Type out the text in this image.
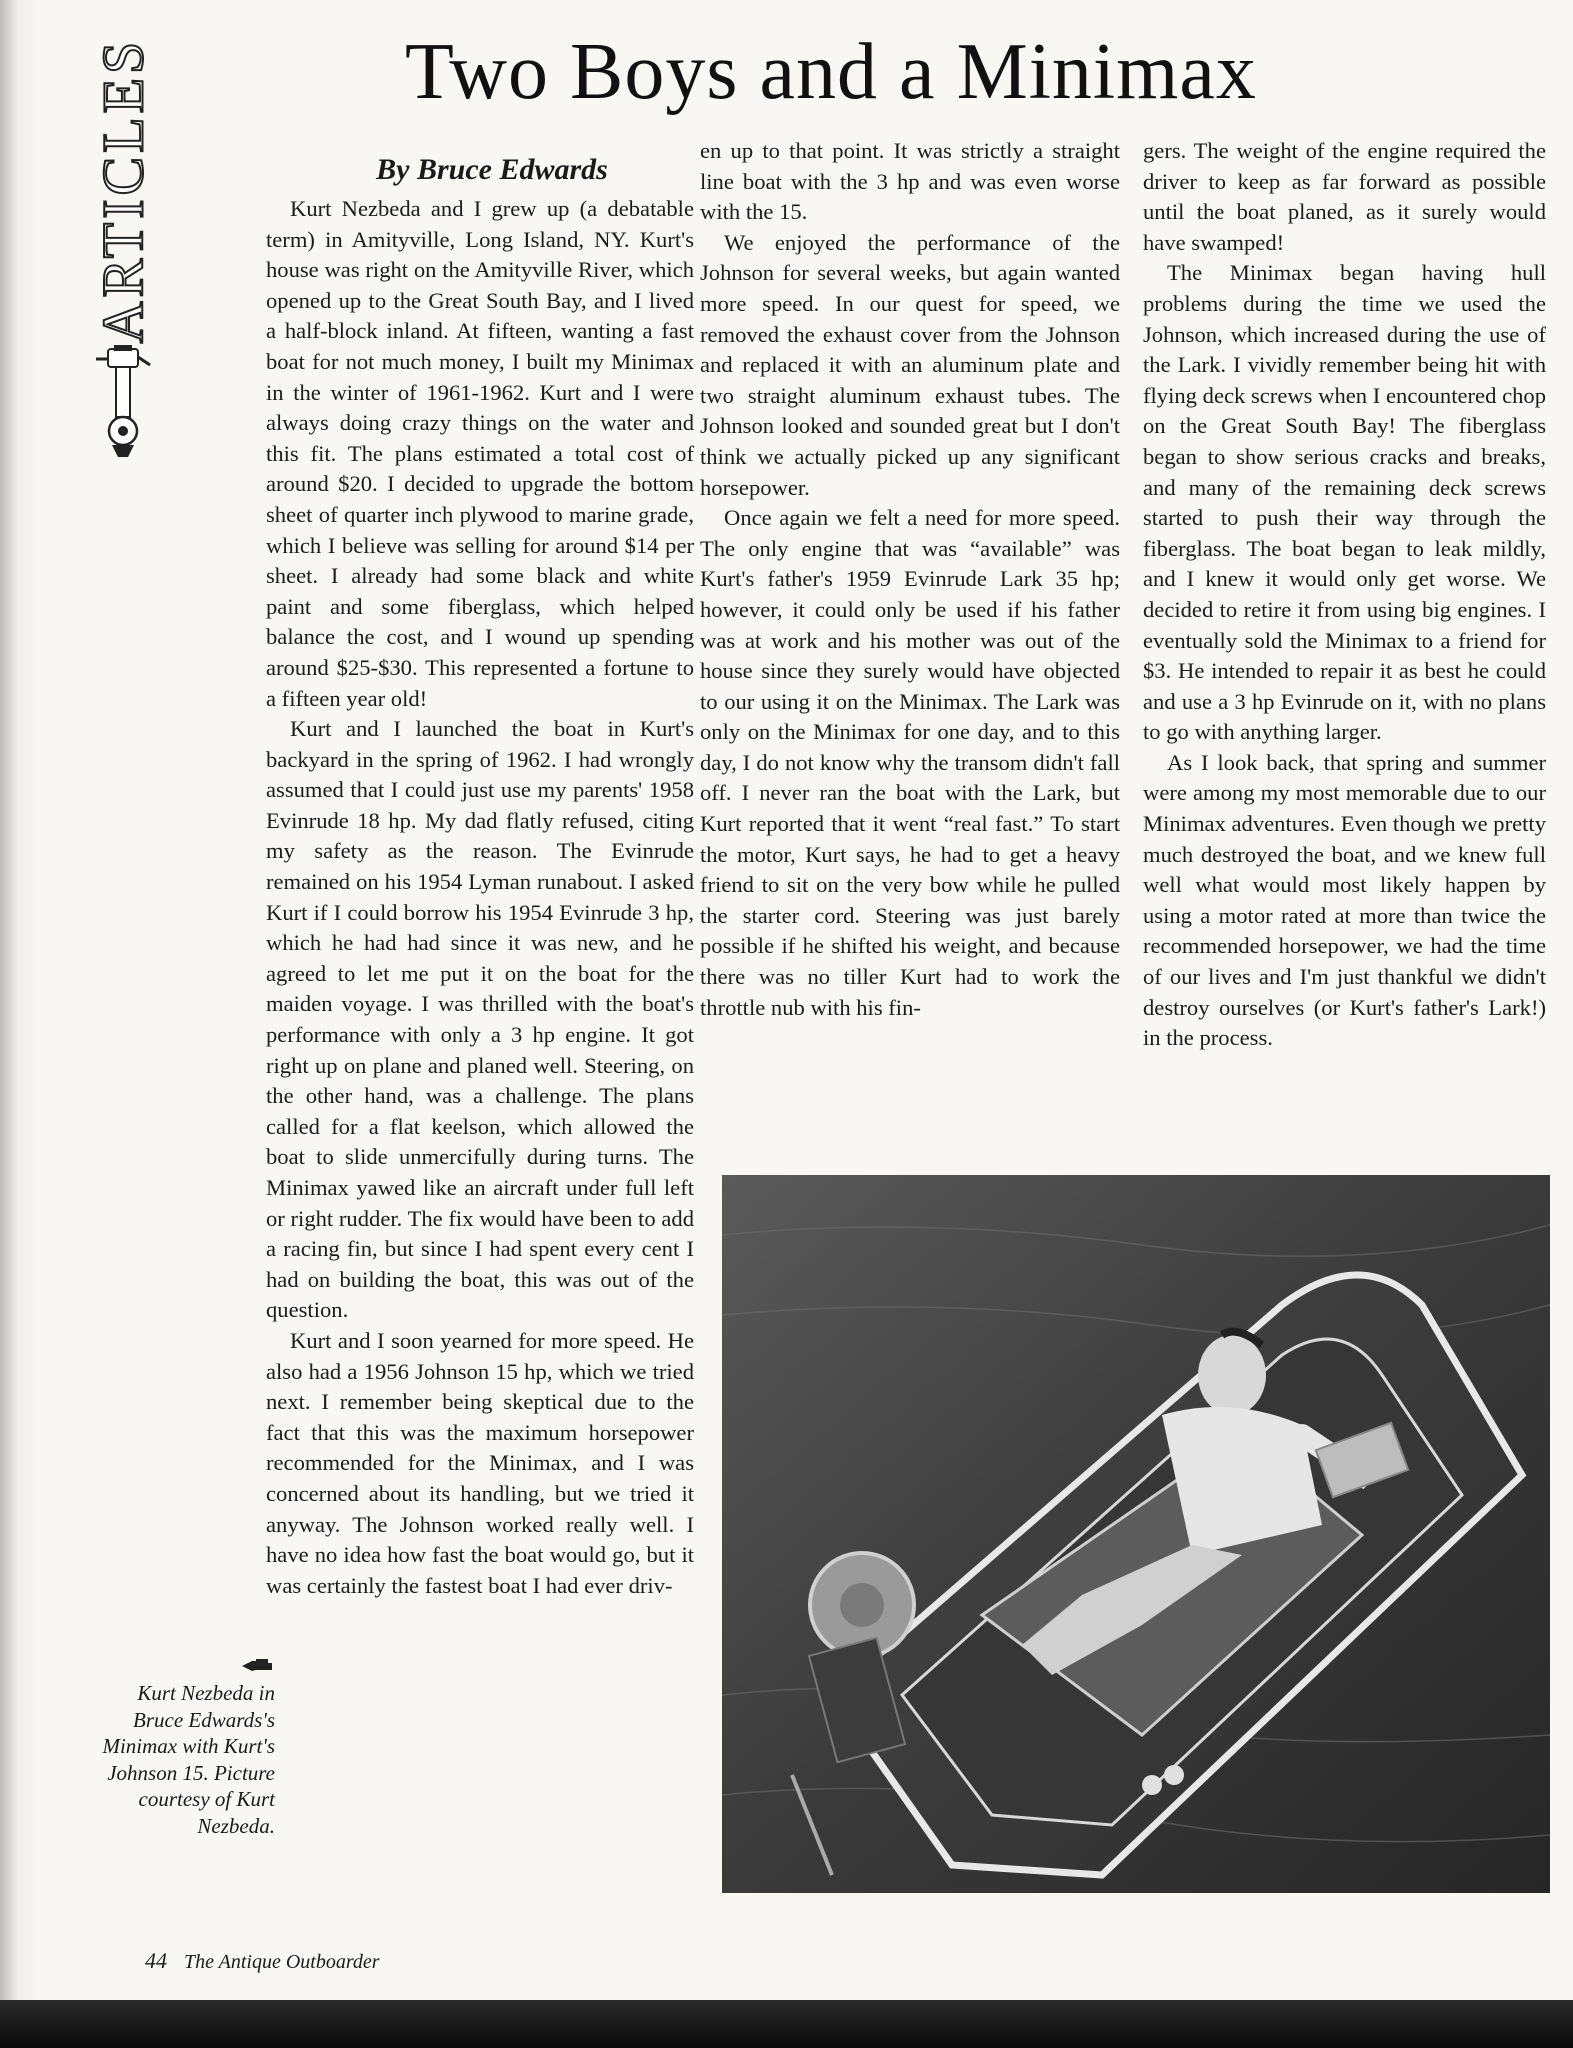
ARTICLES	Two Boys and a Minimax
By Bruce Edwards

Kurt Nezbeda and I grew up (a debatable term) in Amityville, Long Island, NY. Kurt's house was right on the Amityville River, which opened up to the Great South Bay, and I lived a half-block inland. At fifteen, wanting a fast boat for not much money, I built my Minimax in the winter of 1961-1962. Kurt and I were always doing crazy things on the water and this fit. The plans estimated a total cost of around $20. I decided to upgrade the bottom sheet of quarter inch plywood to marine grade, which I believe was selling for around $14 per sheet. I already had some black and white paint and some fiberglass, which helped balance the cost, and I wound up spending around $25-$30. This represented a fortune to a fifteen year old!

Kurt and I launched the boat in Kurt's backyard in the spring of 1962. I had wrongly assumed that I could just use my parents' 1958 Evinrude 18 hp. My dad flatly refused, citing my safety as the reason. The Evinrude remained on his 1954 Lyman runabout. I asked Kurt if I could borrow his 1954 Evinrude 3 hp, which he had had since it was new, and he agreed to let me put it on the boat for the maiden voyage. I was thrilled with the boat's performance with only a 3 hp engine. It got right up on plane and planed well. Steering, on the other hand, was a challenge. The plans called for a flat keelson, which allowed the boat to slide unmercifully during turns. The Minimax yawed like an aircraft under full left or right rudder. The fix would have been to add a racing fin, but since I had spent every cent I had on building the boat, this was out of the question.

Kurt and I soon yearned for more speed. He also had a 1956 Johnson 15 hp, which we tried next. I remember being skeptical due to the fact that this was the maximum horsepower recommended for the Minimax, and I was concerned about its handling, but we tried it anyway. The Johnson worked really well. I have no idea how fast the boat would go, but it was certainly the fastest boat I had ever driv-

en up to that point. It was strictly a straight line boat with the 3 hp and was even worse with the 15.

We enjoyed the performance of the Johnson for several weeks, but again wanted more speed. In our quest for speed, we removed the exhaust cover from the Johnson and replaced it with an aluminum plate and two straight aluminum exhaust tubes. The Johnson looked and sounded great but I don't think we actually picked up any significant horsepower.

Once again we felt a need for more speed. The only engine that was “available” was Kurt's father's 1959 Evinrude Lark 35 hp; however, it could only be used if his father was at work and his mother was out of the house since they surely would have objected to our using it on the Minimax. The Lark was only on the Minimax for one day, and to this day, I do not know why the transom didn't fall off. I never ran the boat with the Lark, but Kurt reported that it went “real fast.” To start the motor, Kurt says, he had to get a heavy friend to sit on the very bow while he pulled the starter cord. Steering was just barely possible if he shifted his weight, and because there was no tiller Kurt had to work the throttle nub with his fin-

gers. The weight of the engine required the driver to keep as far forward as possible until the boat planed, as it surely would have swamped!

The Minimax began having hull problems during the time we used the Johnson, which increased during the use of the Lark. I vividly remember being hit with flying deck screws when I encountered chop on the Great South Bay! The fiberglass began to show serious cracks and breaks, and many of the remaining deck screws started to push their way through the fiberglass. The boat began to leak mildly, and I knew it would only get worse. We decided to retire it from using big engines. I eventually sold the Minimax to a friend for $3. He intended to repair it as best he could and use a 3 hp Evinrude on it, with no plans to go with anything larger.

As I look back, that spring and summer were among my most memorable due to our Minimax adventures. Even though we pretty much destroyed the boat, and we knew full well what would most likely happen by using a motor rated at more than twice the recommended horsepower, we had the time of our lives and I'm just thankful we didn't destroy ourselves (or Kurt's father's Lark!) in the process.

Kurt Nezbeda in Bruce Edwards's Minimax with Kurt's Johnson 15. Picture courtesy of Kurt Nezbeda.
44 The Antique Outboarder
